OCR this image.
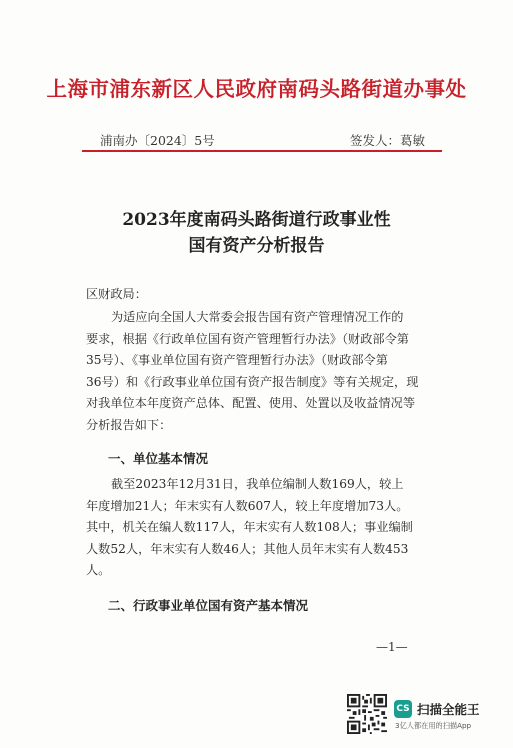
上海市浦东新区人民政府南码头路街道办事处
浦南办〔2024〕5号	签发人：葛敏
2023年度南码头路街道行政事业性
国有资产分析报告
区财政局：
为适应向全国人大常委会报告国有资产管理情况工作的
要求，根据《行政单位国有资产管理暂行办法》（财政部令第
35号）、《事业单位国有资产管理暂行办法》（财政部令第
36号）和《行政事业单位国有资产报告制度》等有关规定，现
对我单位本年度资产总体、配置、使用、处置以及收益情况等
分析报告如下：
一、单位基本情况
截至2023年12月31日，我单位编制人数169人，较上
年度增加21人；年末实有人数607人，较上年度增加73人。
其中，机关在编人数117人，年末实有人数108人；事业编制
人数52人，年末实有人数46人；其他人员年末实有人数453
人。
二、行政事业单位国有资产基本情况
—1—
CS 扫描全能王
3亿人都在用的扫描App
